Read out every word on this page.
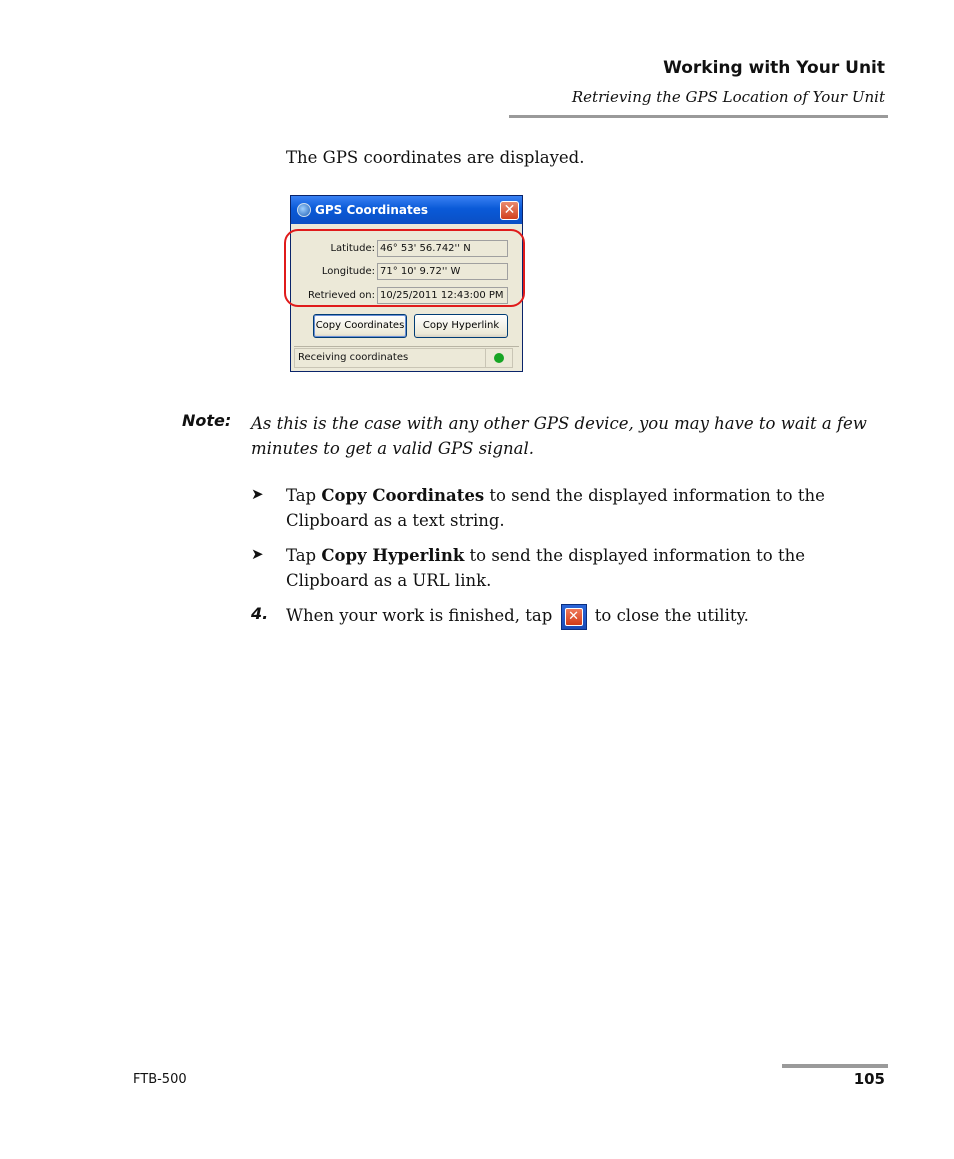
Working with Your Unit
Retrieving the GPS Location of Your Unit
The GPS coordinates are displayed.
GPS Coordinates	✕
Latitude: 46° 53' 56.742'' N
Longitude: 71° 10' 9.72'' W
Retrieved on: 10/25/2011 12:43:00 PM
Copy Coordinates	Copy Hyperlink
Receiving coordinates
Note: As this is the case with any other GPS device, you may have to wait a few minutes to get a valid GPS signal.
➤ Tap Copy Coordinates to send the displayed information to the Clipboard as a text string.
➤ Tap Copy Hyperlink to send the displayed information to the Clipboard as a URL link.
4. When your work is finished, tap ✕ to close the utility.
FTB-500	105
